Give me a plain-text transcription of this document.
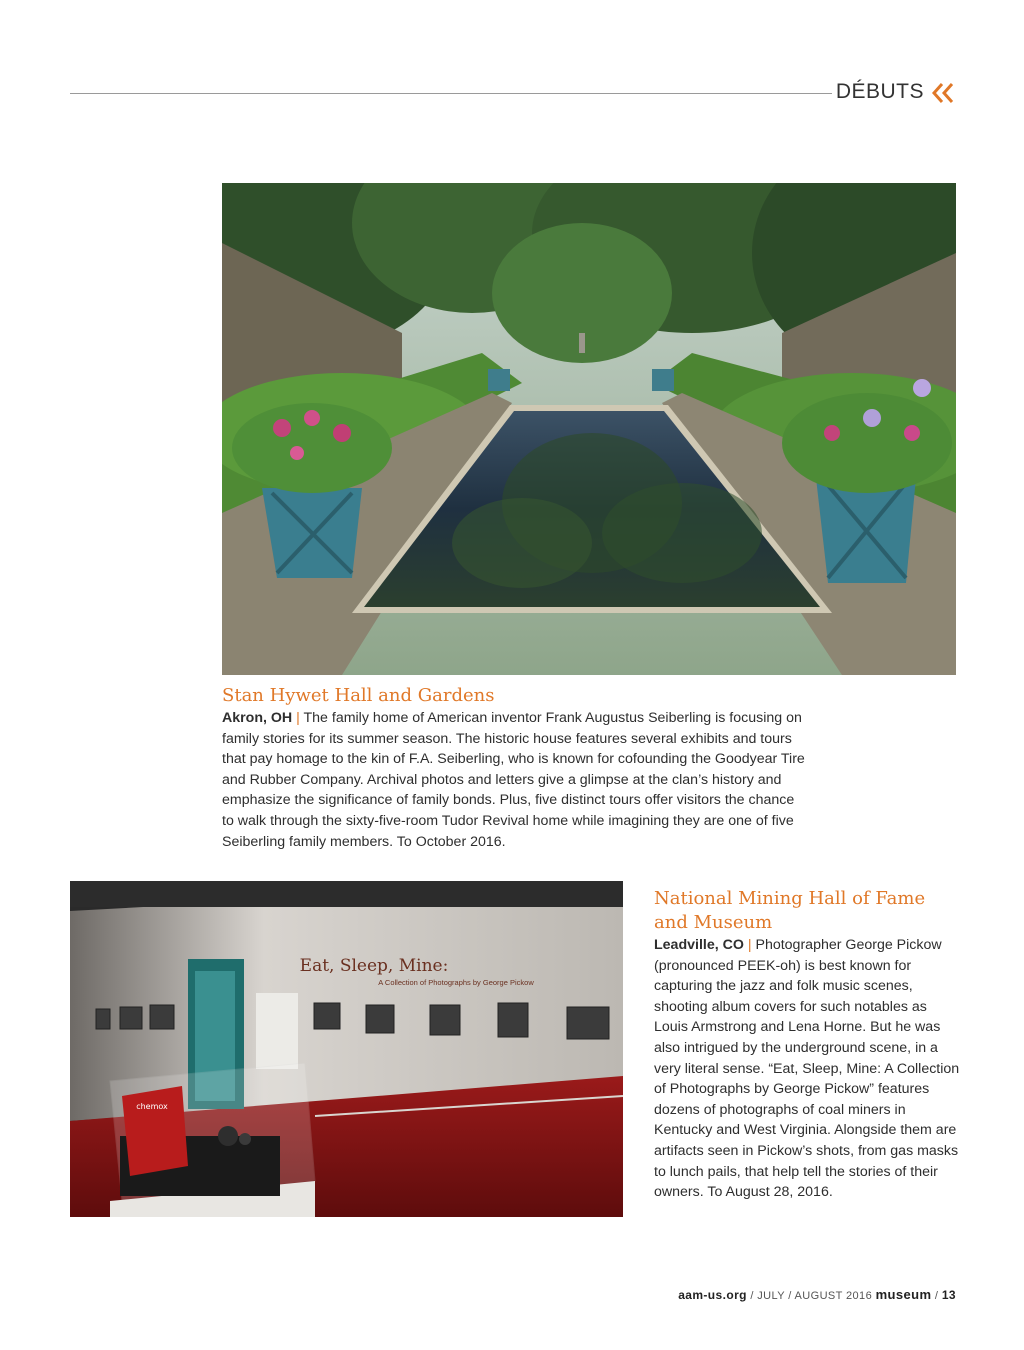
DÉBUTS
Stan Hywet Hall and Gardens

Akron, OH | The family home of American inventor Frank Augustus Seiberling is focusing on family stories for its summer season. The historic house features several exhibits and tours that pay homage to the kin of F.A. Seiberling, who is known for cofounding the Goodyear Tire and Rubber Company. Archival photos and letters give a glimpse at the clan’s history and emphasize the significance of family bonds. Plus, five distinct tours offer visitors the chance to walk through the sixty-five-room Tudor Revival home while imagining they are one of five Seiberling family members. To October 2016.

Eat, Sleep, Mine:
A Collection of Photographs by George Pickow
chemox
National Mining Hall of Fame and Museum

Leadville, CO | Photographer George Pickow (pronounced PEEK-oh) is best known for capturing the jazz and folk music scenes, shooting album covers for such notables as Louis Armstrong and Lena Horne. But he was also intrigued by the underground scene, in a very literal sense. “Eat, Sleep, Mine: A Collection of Photographs by George Pickow” features dozens of photographs of coal miners in Kentucky and West Virginia. Alongside them are artifacts seen in Pickow’s shots, from gas masks to lunch pails, that help tell the stories of their owners. To August 28, 2016.

aam-us.org / JULY / AUGUST 2016 museum / 13
